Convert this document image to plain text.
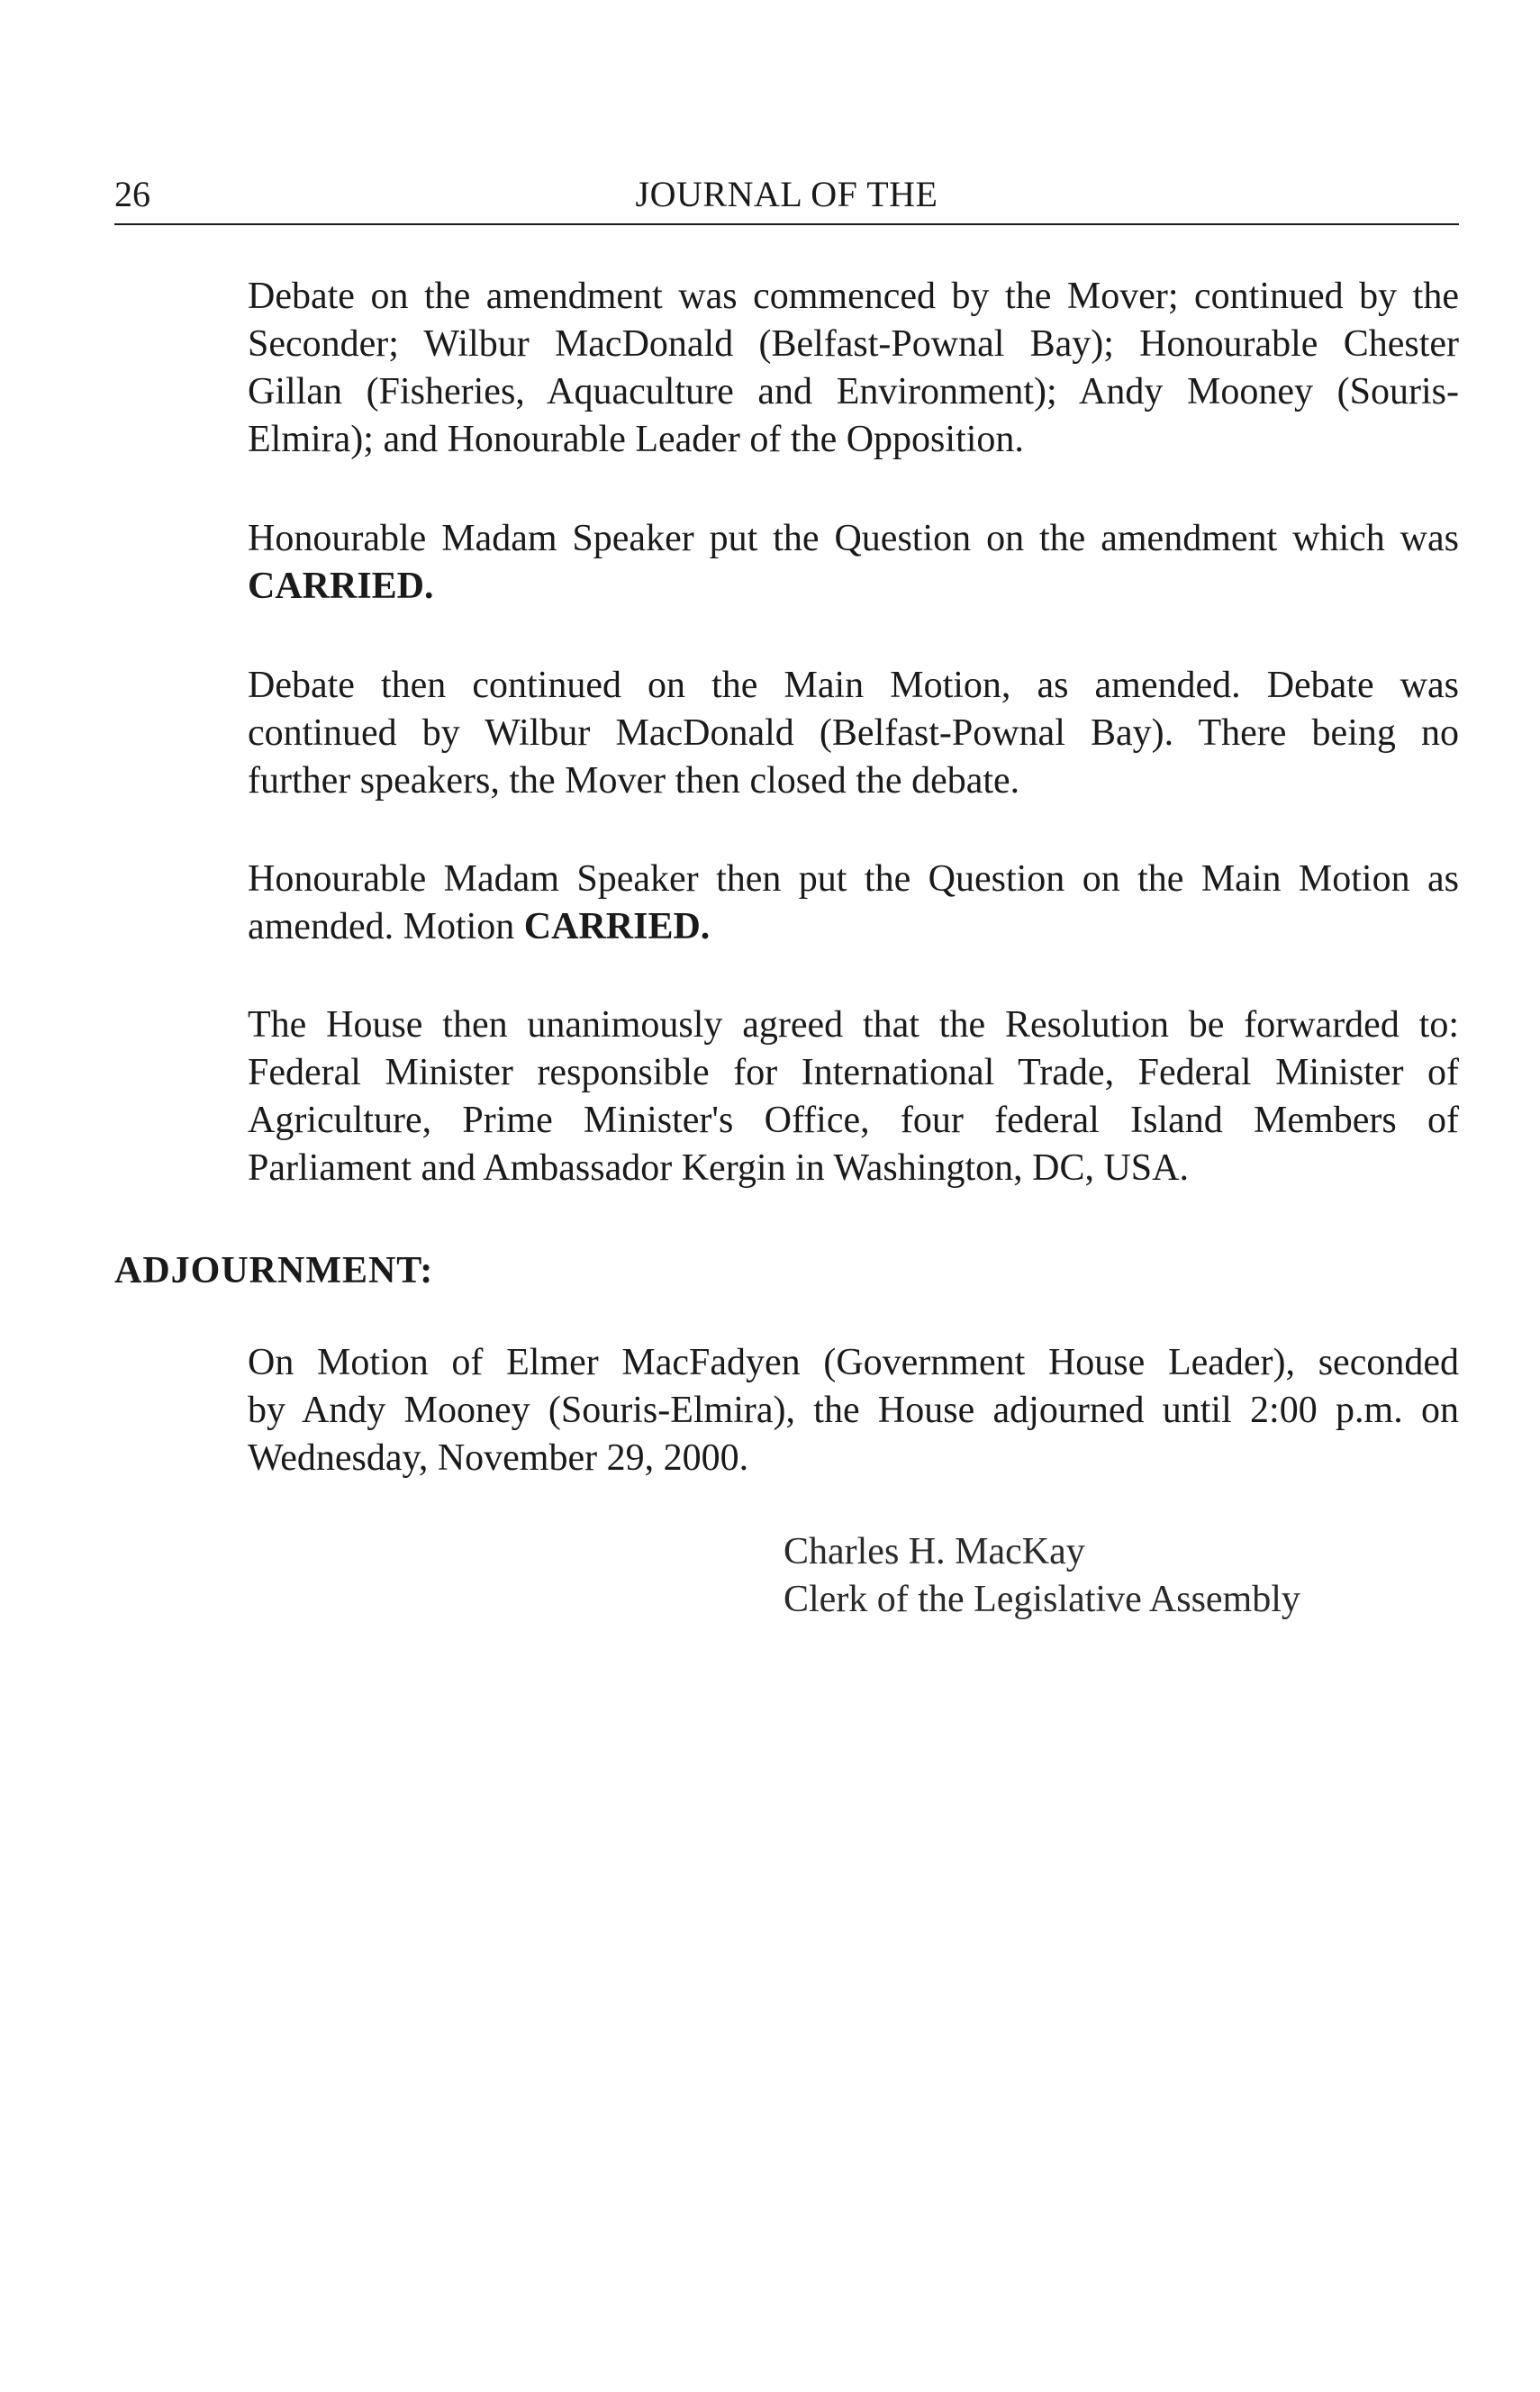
26	JOURNAL OF THE

Debate on the amendment was commenced by the Mover; continued by the
Seconder; Wilbur MacDonald (Belfast-Pownal Bay); Honourable Chester
Gillan (Fisheries, Aquaculture and Environment); Andy Mooney (Souris-
Elmira); and Honourable Leader of the Opposition.

Honourable Madam Speaker put the Question on the amendment which was
CARRIED.

Debate then continued on the Main Motion, as amended. Debate was
continued by Wilbur MacDonald (Belfast-Pownal Bay). There being no
further speakers, the Mover then closed the debate.

Honourable Madam Speaker then put the Question on the Main Motion as
amended. Motion CARRIED.

The House then unanimously agreed that the Resolution be forwarded to:
Federal Minister responsible for International Trade, Federal Minister of
Agriculture, Prime Minister's Office, four federal Island Members of
Parliament and Ambassador Kergin in Washington, DC, USA.

ADJOURNMENT:

On Motion of Elmer MacFadyen (Government House Leader), seconded
by Andy Mooney (Souris-Elmira), the House adjourned until 2:00 p.m. on
Wednesday, November 29, 2000.

Charles H. MacKay
Clerk of the Legislative Assembly
